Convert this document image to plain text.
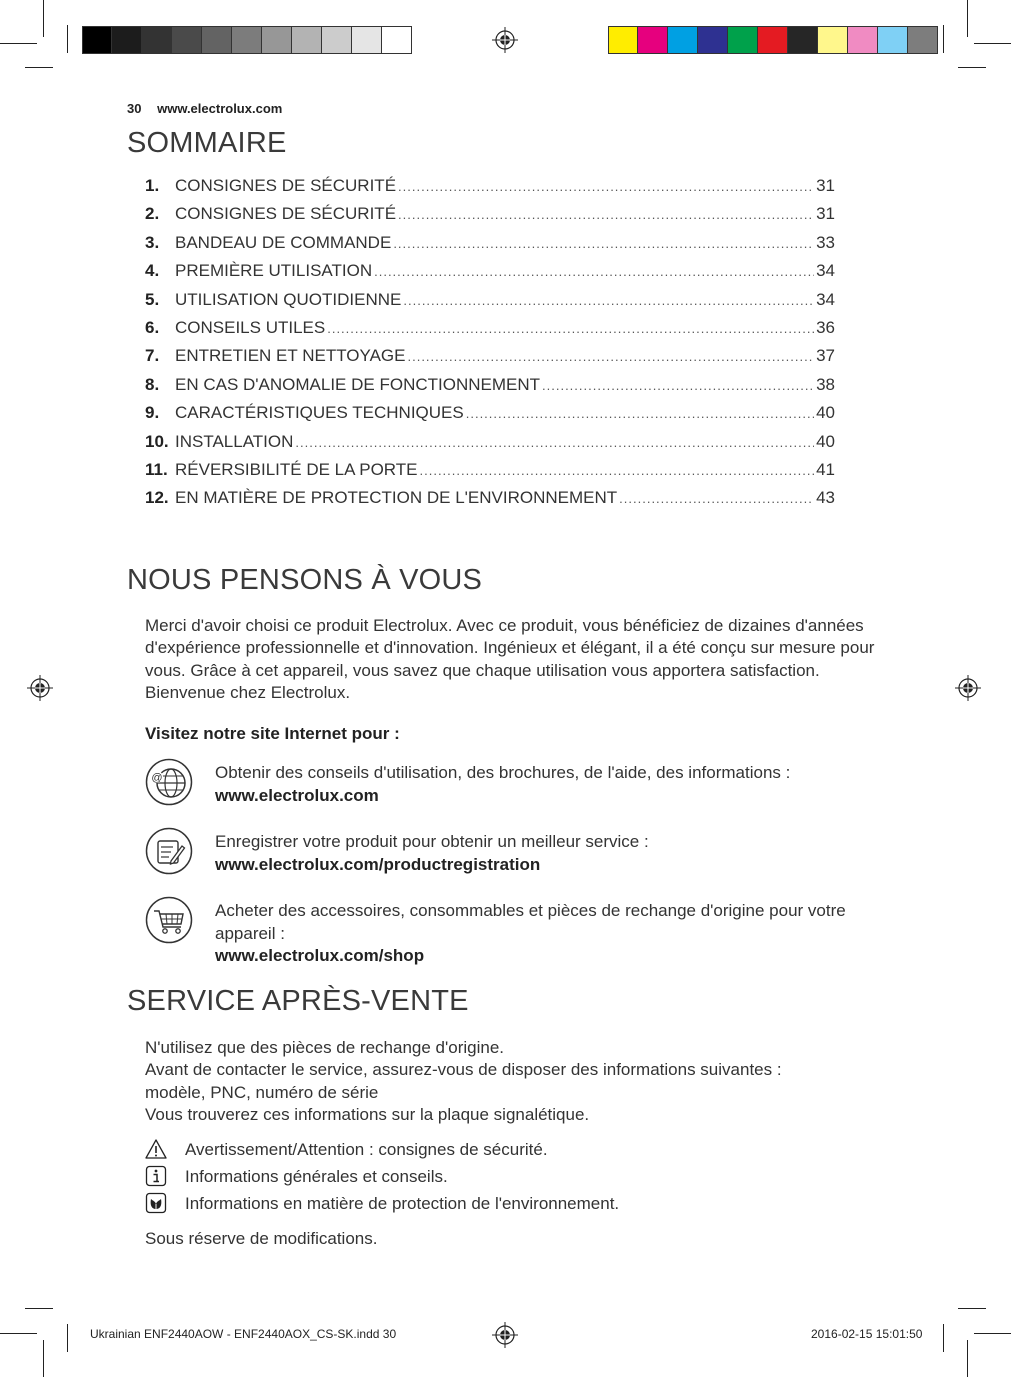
30 www.electrolux.com
SOMMAIRE
1. CONSIGNES DE SÉCURITÉ .....	31
2. CONSIGNES DE SÉCURITÉ .....	31
3. BANDEAU DE COMMANDE .....	33
4. PREMIÈRE UTILISATION .....	34
5. UTILISATION QUOTIDIENNE .....	34
6. CONSEILS UTILES .....	36
7. ENTRETIEN ET NETTOYAGE .....	37
8. EN CAS D'ANOMALIE DE FONCTIONNEMENT .....	38
9. CARACTÉRISTIQUES TECHNIQUES .....	40
10. INSTALLATION .....	40
11. RÉVERSIBILITÉ DE LA PORTE .....	41
12. EN MATIÈRE DE PROTECTION DE L'ENVIRONNEMENT .....	43
NOUS PENSONS À VOUS
Merci d'avoir choisi ce produit Electrolux. Avec ce produit, vous bénéficiez de dizaines d'années d'expérience professionnelle et d'innovation. Ingénieux et élégant, il a été conçu sur mesure pour vous. Grâce à cet appareil, vous savez que chaque utilisation vous apportera satisfaction. Bienvenue chez Electrolux.
Visitez notre site Internet pour :
@	Obtenir des conseils d'utilisation, des brochures, de l'aide, des informations :
www.electrolux.com
Enregistrer votre produit pour obtenir un meilleur service :
www.electrolux.com/productregistration
Acheter des accessoires, consommables et pièces de rechange d'origine pour votre appareil :
www.electrolux.com/shop
SERVICE APRÈS-VENTE
N'utilisez que des pièces de rechange d'origine.
Avant de contacter le service, assurez-vous de disposer des informations suivantes :
modèle, PNC, numéro de série
Vous trouverez ces informations sur la plaque signalétique.
Avertissement/Attention : consignes de sécurité.
Informations générales et conseils.
Informations en matière de protection de l'environnement.
Sous réserve de modifications.
Ukrainian ENF2440AOW - ENF2440AOX_CS-SK.indd 30	2016-02-15 15:01:50
